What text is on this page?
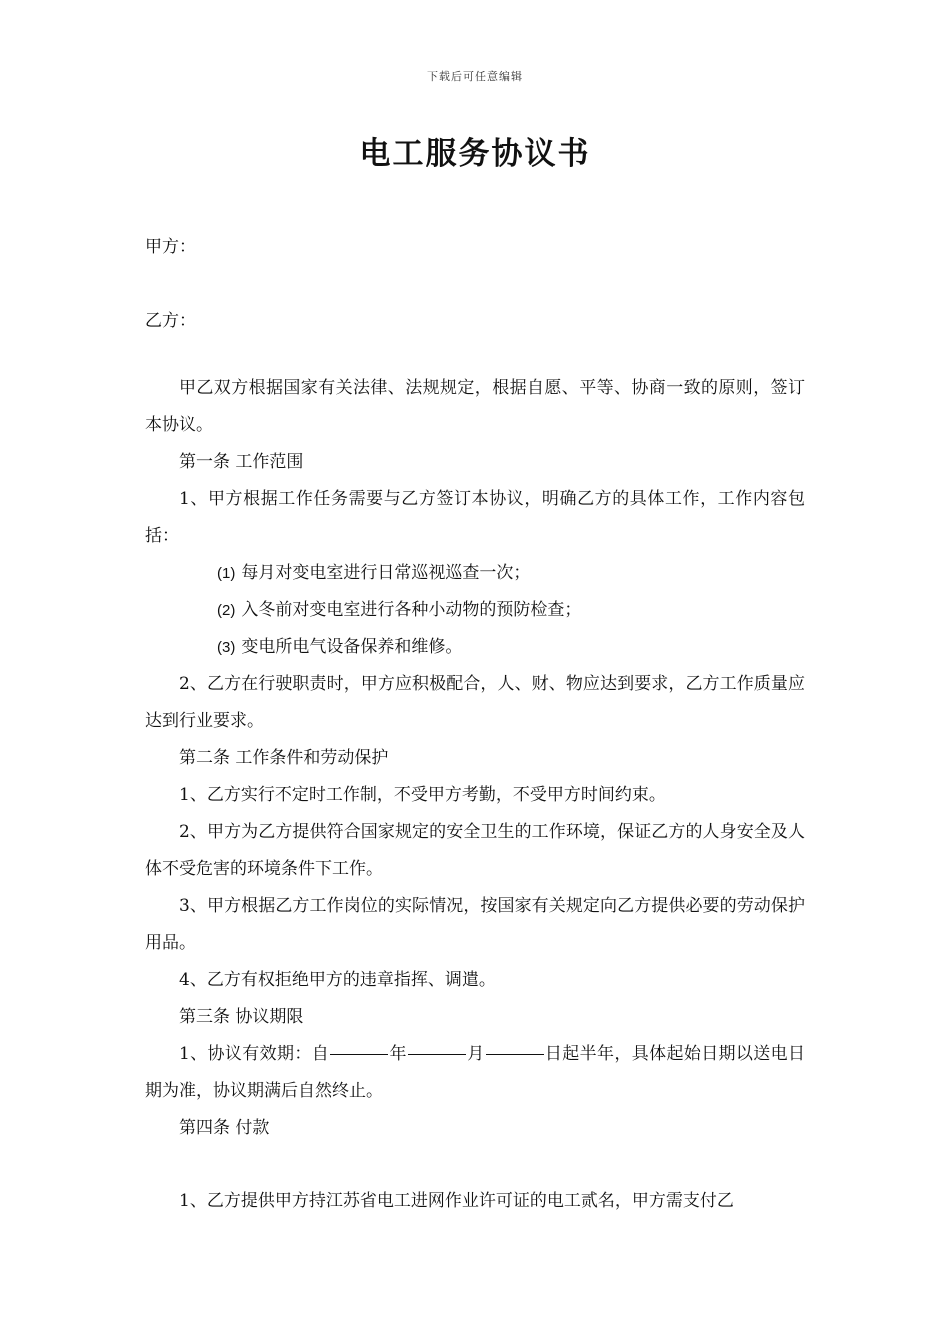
下载后可任意编辑
电工服务协议书
甲方：
乙方：

甲乙双方根据国家有关法律、法规规定，根据自愿、平等、协商一致的原则，签订本协议。

第一条 工作范围

1、甲方根据工作任务需要与乙方签订本协议，明确乙方的具体工作，工作内容包括：

(1) 每月对变电室进行日常巡视巡查一次；

(2) 入冬前对变电室进行各种小动物的预防检查；

(3) 变电所电气设备保养和维修。

2、乙方在行驶职责时，甲方应积极配合，人、财、物应达到要求，乙方工作质量应达到行业要求。

第二条 工作条件和劳动保护

1、乙方实行不定时工作制，不受甲方考勤，不受甲方时间约束。

2、甲方为乙方提供符合国家规定的安全卫生的工作环境，保证乙方的人身安全及人体不受危害的环境条件下工作。

3、甲方根据乙方工作岗位的实际情况，按国家有关规定向乙方提供必要的劳动保护用品。

4、乙方有权拒绝甲方的违章指挥、调遣。

第三条 协议期限

1、协议有效期：自	年	月	日起半年，具体起始日期以送电日期为准，协议期满后自然终止。

第四条 付款

1、乙方提供甲方持江苏省电工进网作业许可证的电工贰名，甲方需支付乙
